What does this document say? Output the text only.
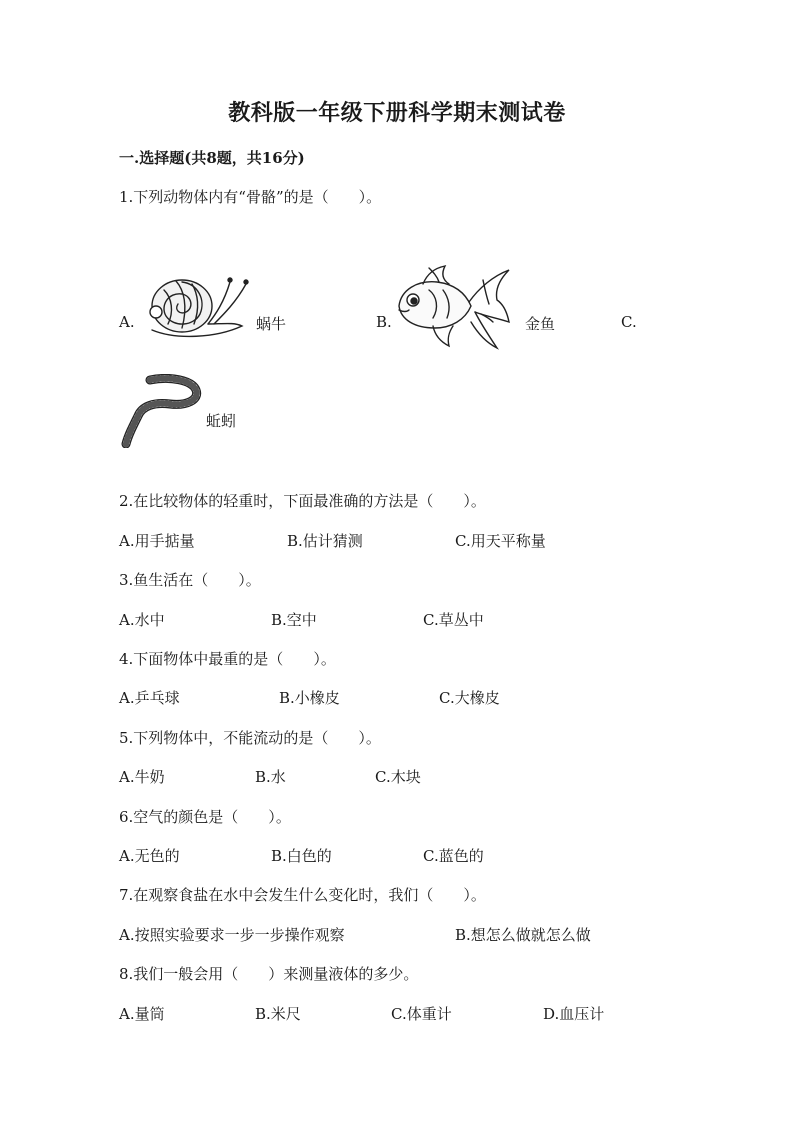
教科版一年级下册科学期末测试卷
一.选择题(共8题，共16分)
1.下列动物体内有“骨骼”的是（　　）。
A.	蜗牛	B.	金鱼	C.
蚯蚓
2.在比较物体的轻重时，下面最准确的方法是（　　）。
A.用手掂量	B.估计猜测	C.用天平称量
3.鱼生活在（　　）。
A.水中	B.空中	C.草丛中
4.下面物体中最重的是（　　）。
A.乒乓球	B.小橡皮	C.大橡皮
5.下列物体中，不能流动的是（　　）。
A.牛奶	B.水	C.木块
6.空气的颜色是（　　）。
A.无色的	B.白色的	C.蓝色的
7.在观察食盐在水中会发生什么变化时，我们（　　）。
A.按照实验要求一步一步操作观察	B.想怎么做就怎么做
8.我们一般会用（　　）来测量液体的多少。
A.量筒	B.米尺	C.体重计	D.血压计
